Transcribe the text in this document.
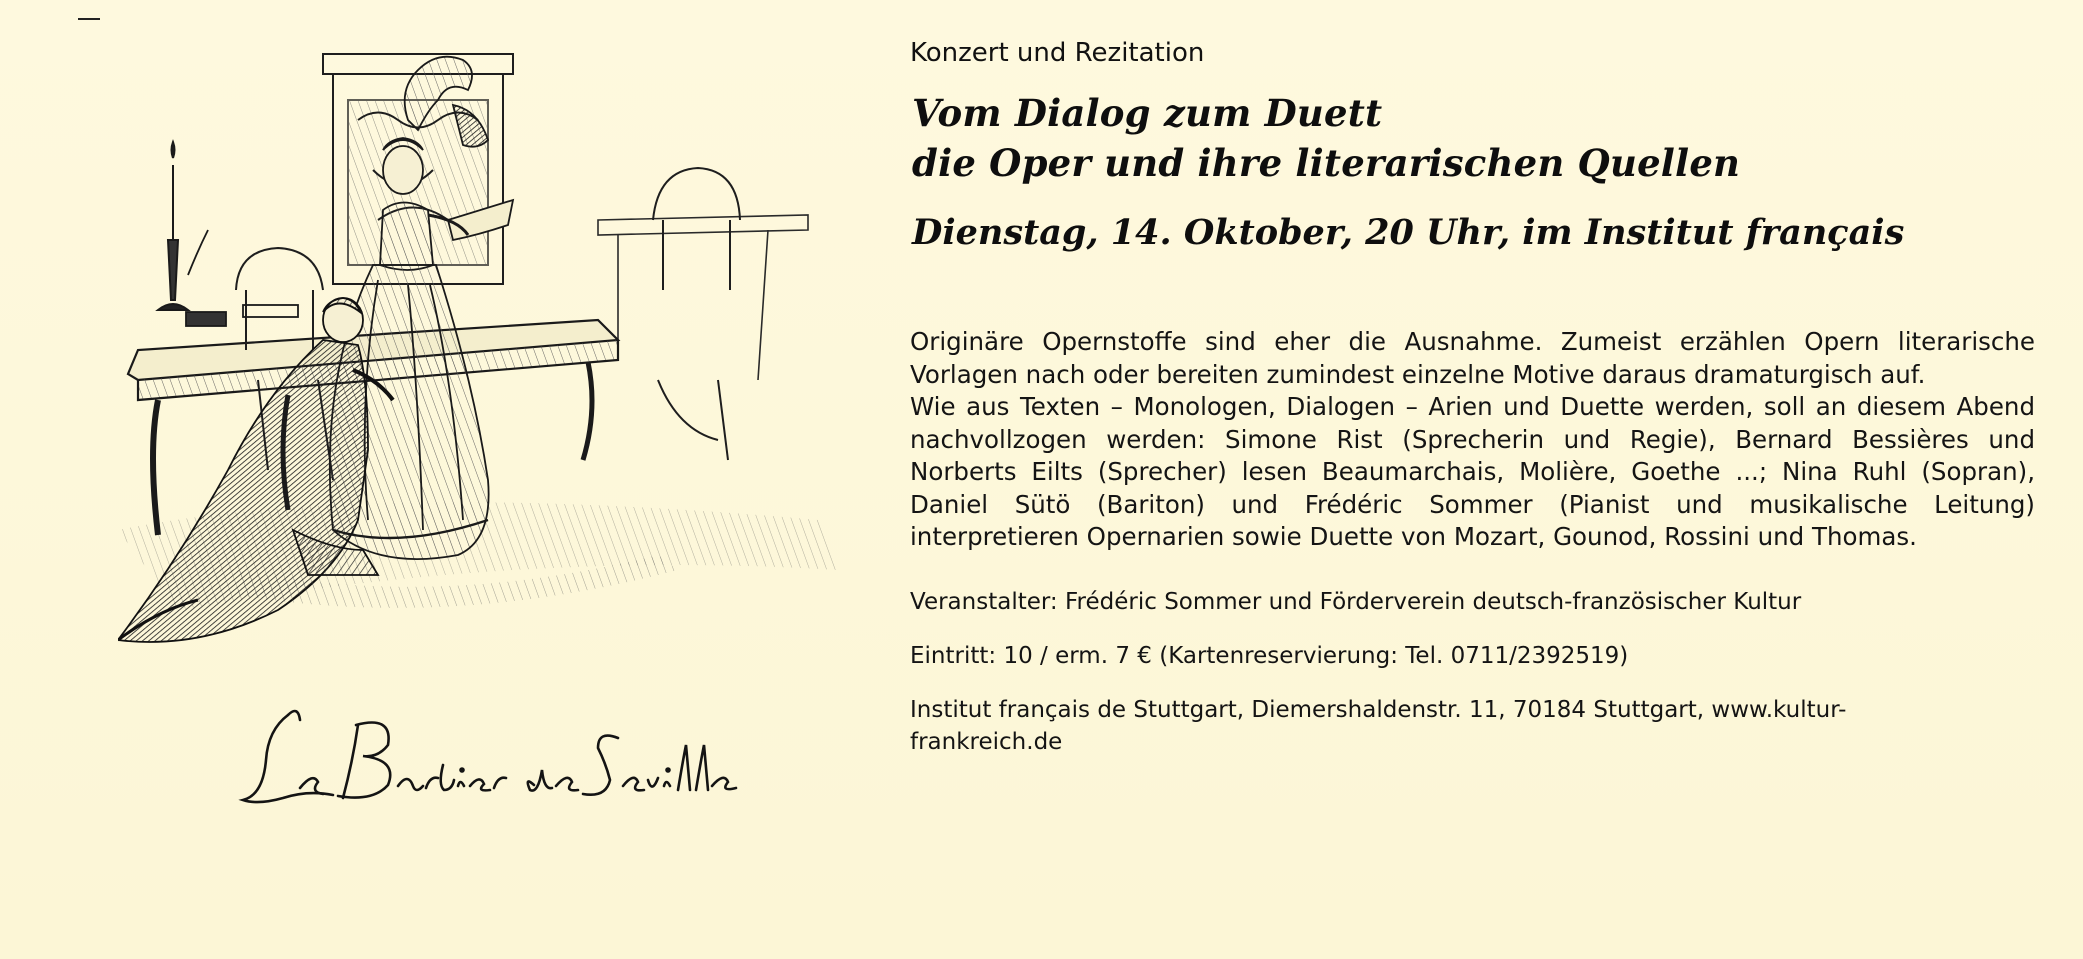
Konzert und Rezitation

Vom Dialog zum Duett
die Oper und ihre literarischen Quellen
Dienstag, 14. Oktober, 20 Uhr, im Institut français

Originäre Opernstoffe sind eher die Ausnahme. Zumeist erzählen Opern literarische Vorlagen nach oder bereiten zumindest einzelne Motive daraus dramaturgisch auf.

Wie aus Texten – Monologen, Dialogen – Arien und Duette werden, soll an diesem Abend nachvollzogen werden: Simone Rist (Sprecherin und Regie), Bernard Bessières und Norberts Eilts (Sprecher) lesen Beaumarchais, Molière, Goethe ...; Nina Ruhl (Sopran), Daniel Sütö (Bariton) und Frédéric Sommer (Pianist und musikalische Leitung) interpretieren Opernarien sowie Duette von Mozart, Gounod, Rossini und Thomas.

Veranstalter: Frédéric Sommer und Förderverein deutsch-französischer Kultur

Eintritt: 10 / erm. 7 € (Kartenreservierung: Tel. 0711/2392519)

Institut français de Stuttgart, Diemershaldenstr. 11, 70184 Stuttgart, www.kultur-frankreich.de
